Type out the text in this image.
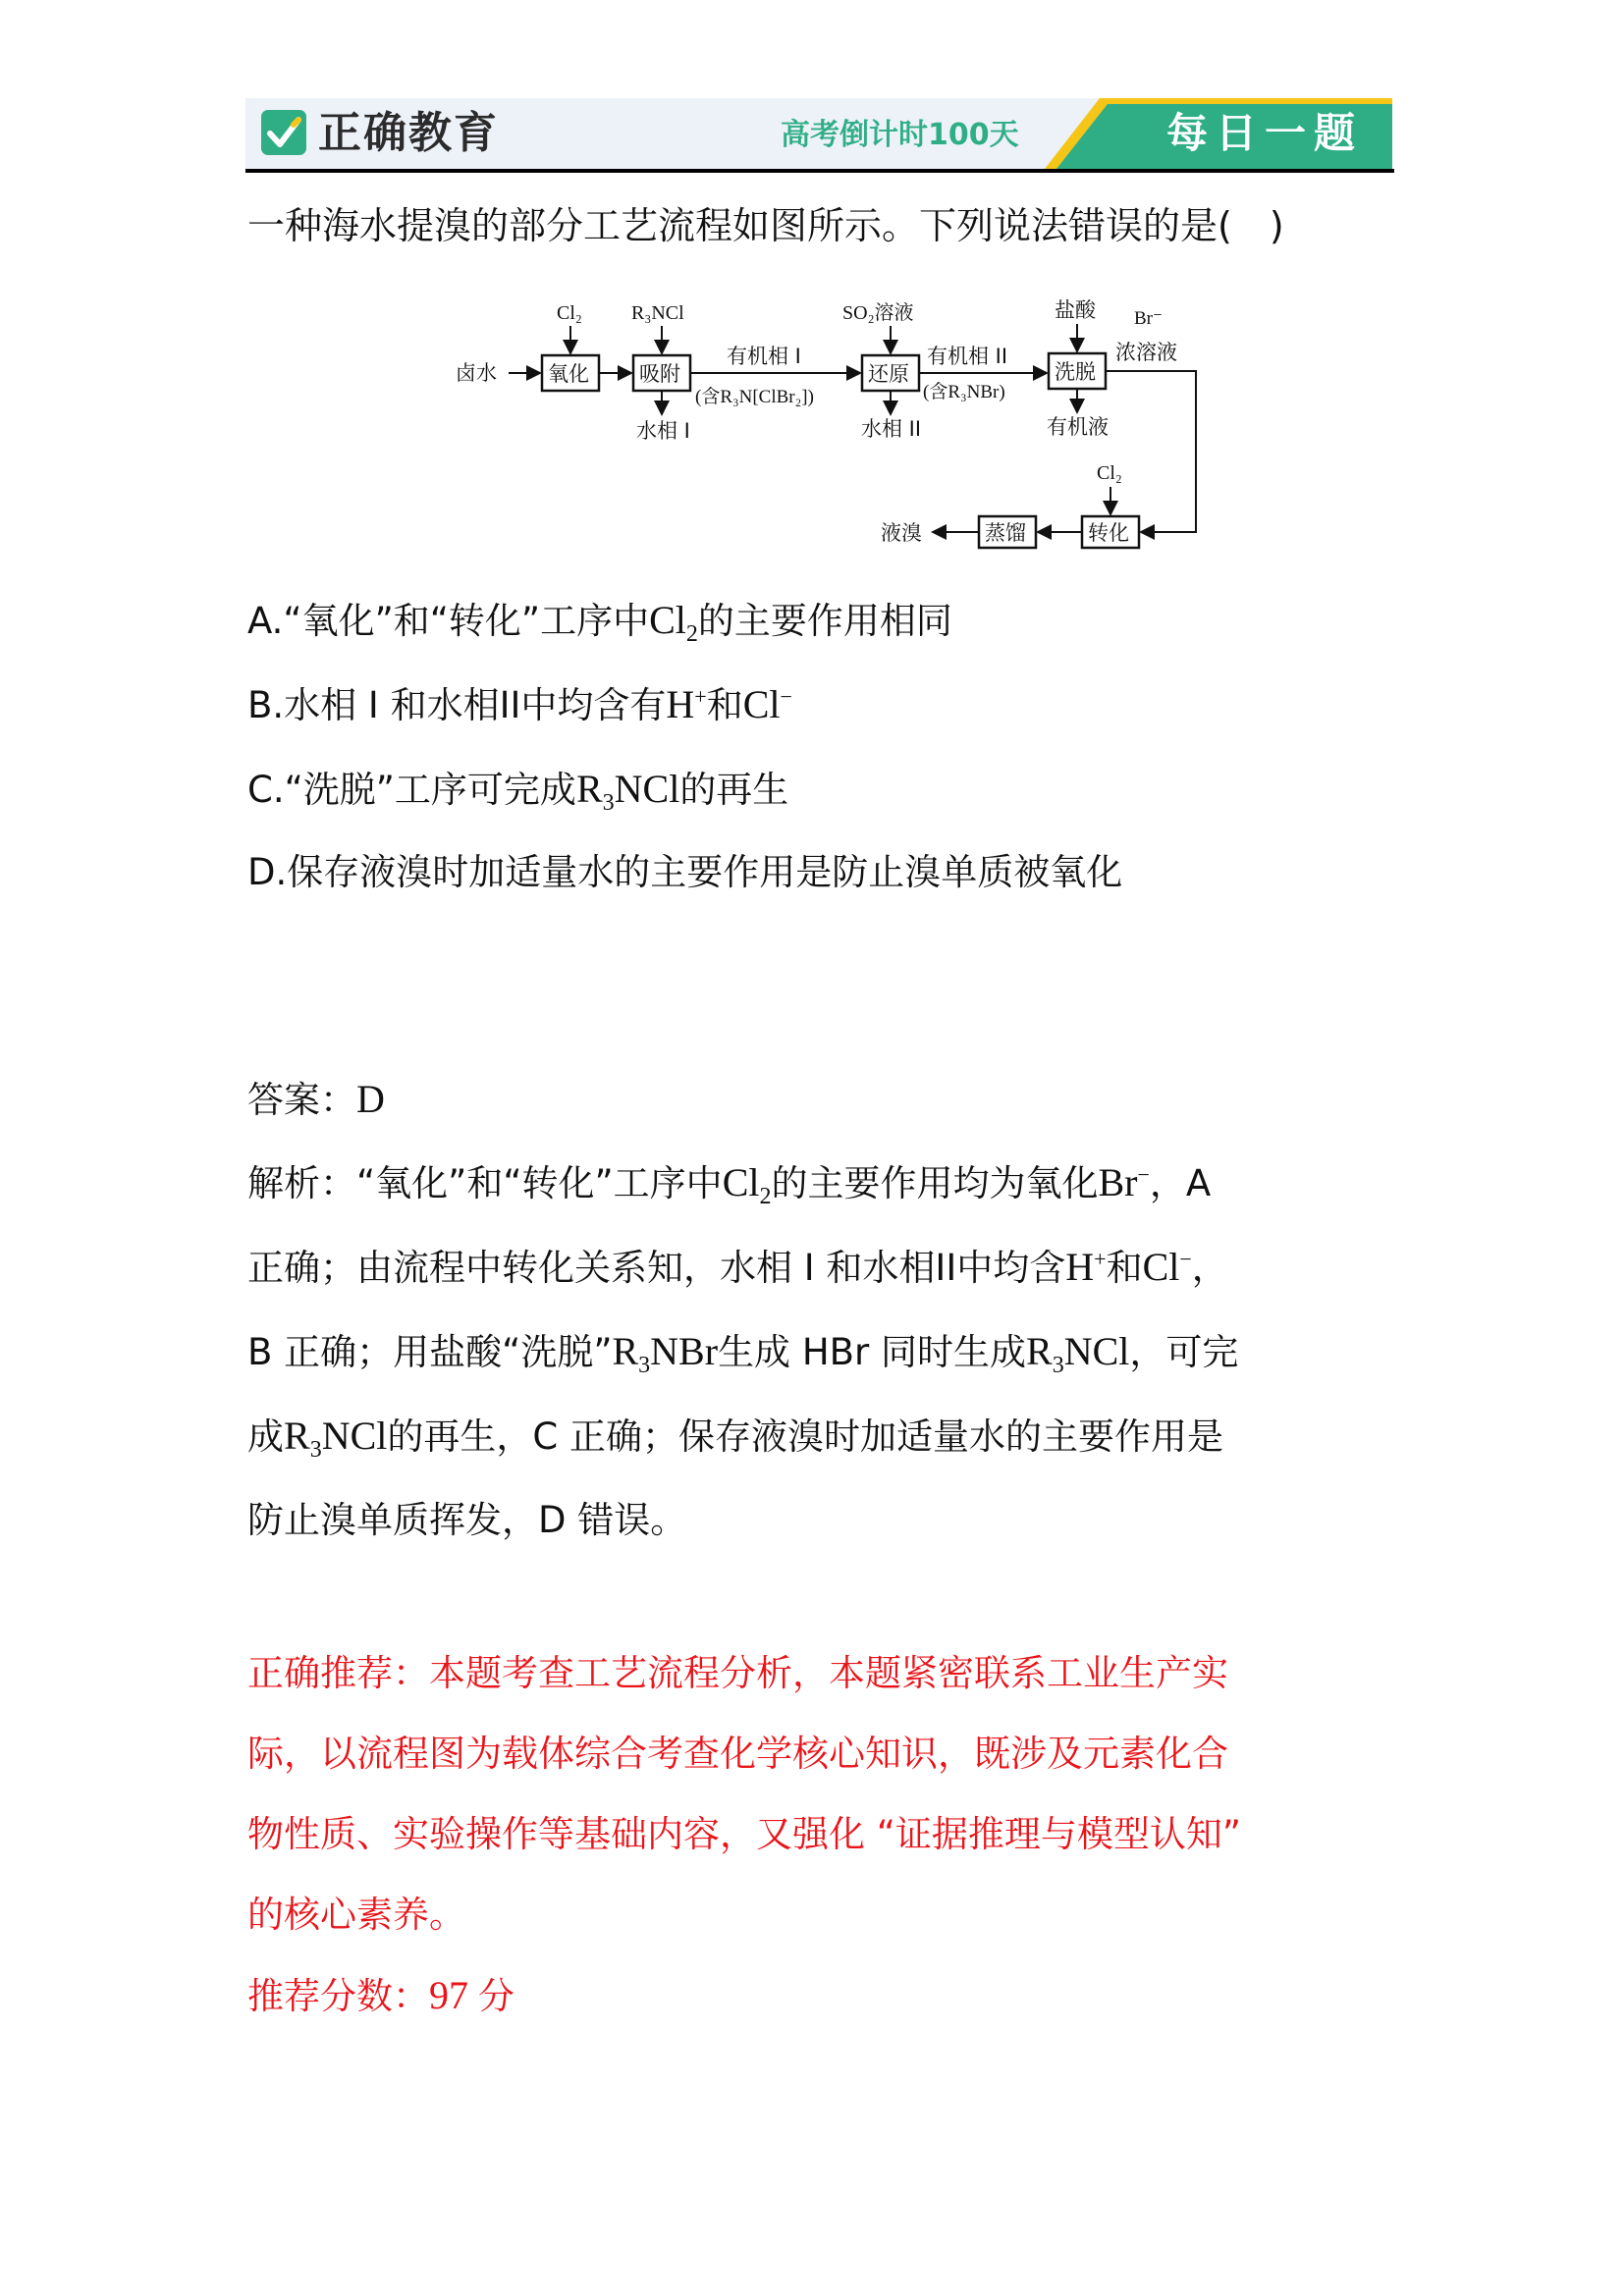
正确教育	高考倒计时100天	每日一题
一种海水提溴的部分工艺流程如图所示。下列说法错误的是(　)
卤水 氧化 吸附	还原	洗脱
转化
蒸馏
液溴
Cl₂	R₃NCl	SO₂溶液	盐酸
Cl₂
水相 I	水相 II	有机液
有机相 I
(含R₃N[ClBr₂])
有机相 II
(含R₃NBr)
Br⁻
浓溶液
A.“氧化”和“转化”工序中$Cl_2$的主要作用相同
B.水相 I 和水相II中均含有H+和Cl−
C.“洗脱”工序可完成$R_3NCl$的再生
D.保存液溴时加适量水的主要作用是防止溴单质被氧化
答案：D
解析：“氧化”和“转化”工序中$Cl_2$的主要作用均为氧化Br−，A
正确；由流程中转化关系知，水相 I 和水相II中均含H+和Cl−，
B 正确；用盐酸“洗脱$”R_3NBr$生成 HBr 同时生成$R_3NCl$，可完
成$R_3NCl$的再生，C 正确；保存液溴时加适量水的主要作用是
防止溴单质挥发，D 错误。
正确推荐：本题考查工艺流程分析，本题紧密联系工业生产实
际，以流程图为载体综合考查化学核心知识，既涉及元素化合
物性质、实验操作等基础内容，又强化 “证据推理与模型认知”
的核心素养。
推荐分数：97 分
